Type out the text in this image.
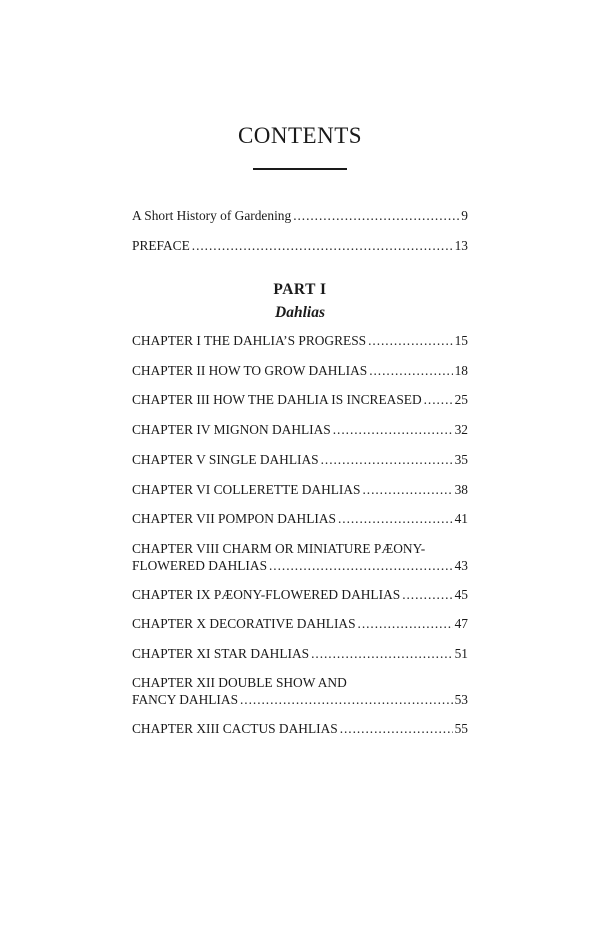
CONTENTS
A Short History of Gardening . . .	9
PREFACE . . .	13
PART I
Dahlias
CHAPTER I THE DAHLIA’S PROGRESS . . .	15
CHAPTER II HOW TO GROW DAHLIAS . . .	18
CHAPTER III HOW THE DAHLIA IS INCREASED . . . 25
CHAPTER IV MIGNON DAHLIAS . . .	32
CHAPTER V SINGLE DAHLIAS . . .	35
CHAPTER VI COLLERETTE DAHLIAS . . .	38
CHAPTER VII POMPON DAHLIAS . . .	41
CHAPTER VIII CHARM OR MINIATURE PÆONY-
FLOWERED DAHLIAS . . .	43
CHAPTER IX PÆONY-FLOWERED DAHLIAS . . .	45
CHAPTER X DECORATIVE DAHLIAS . . .	47
CHAPTER XI STAR DAHLIAS . . .	51
CHAPTER XII DOUBLE SHOW AND
FANCY DAHLIAS . . .	53
CHAPTER XIII CACTUS DAHLIAS . . .	55
